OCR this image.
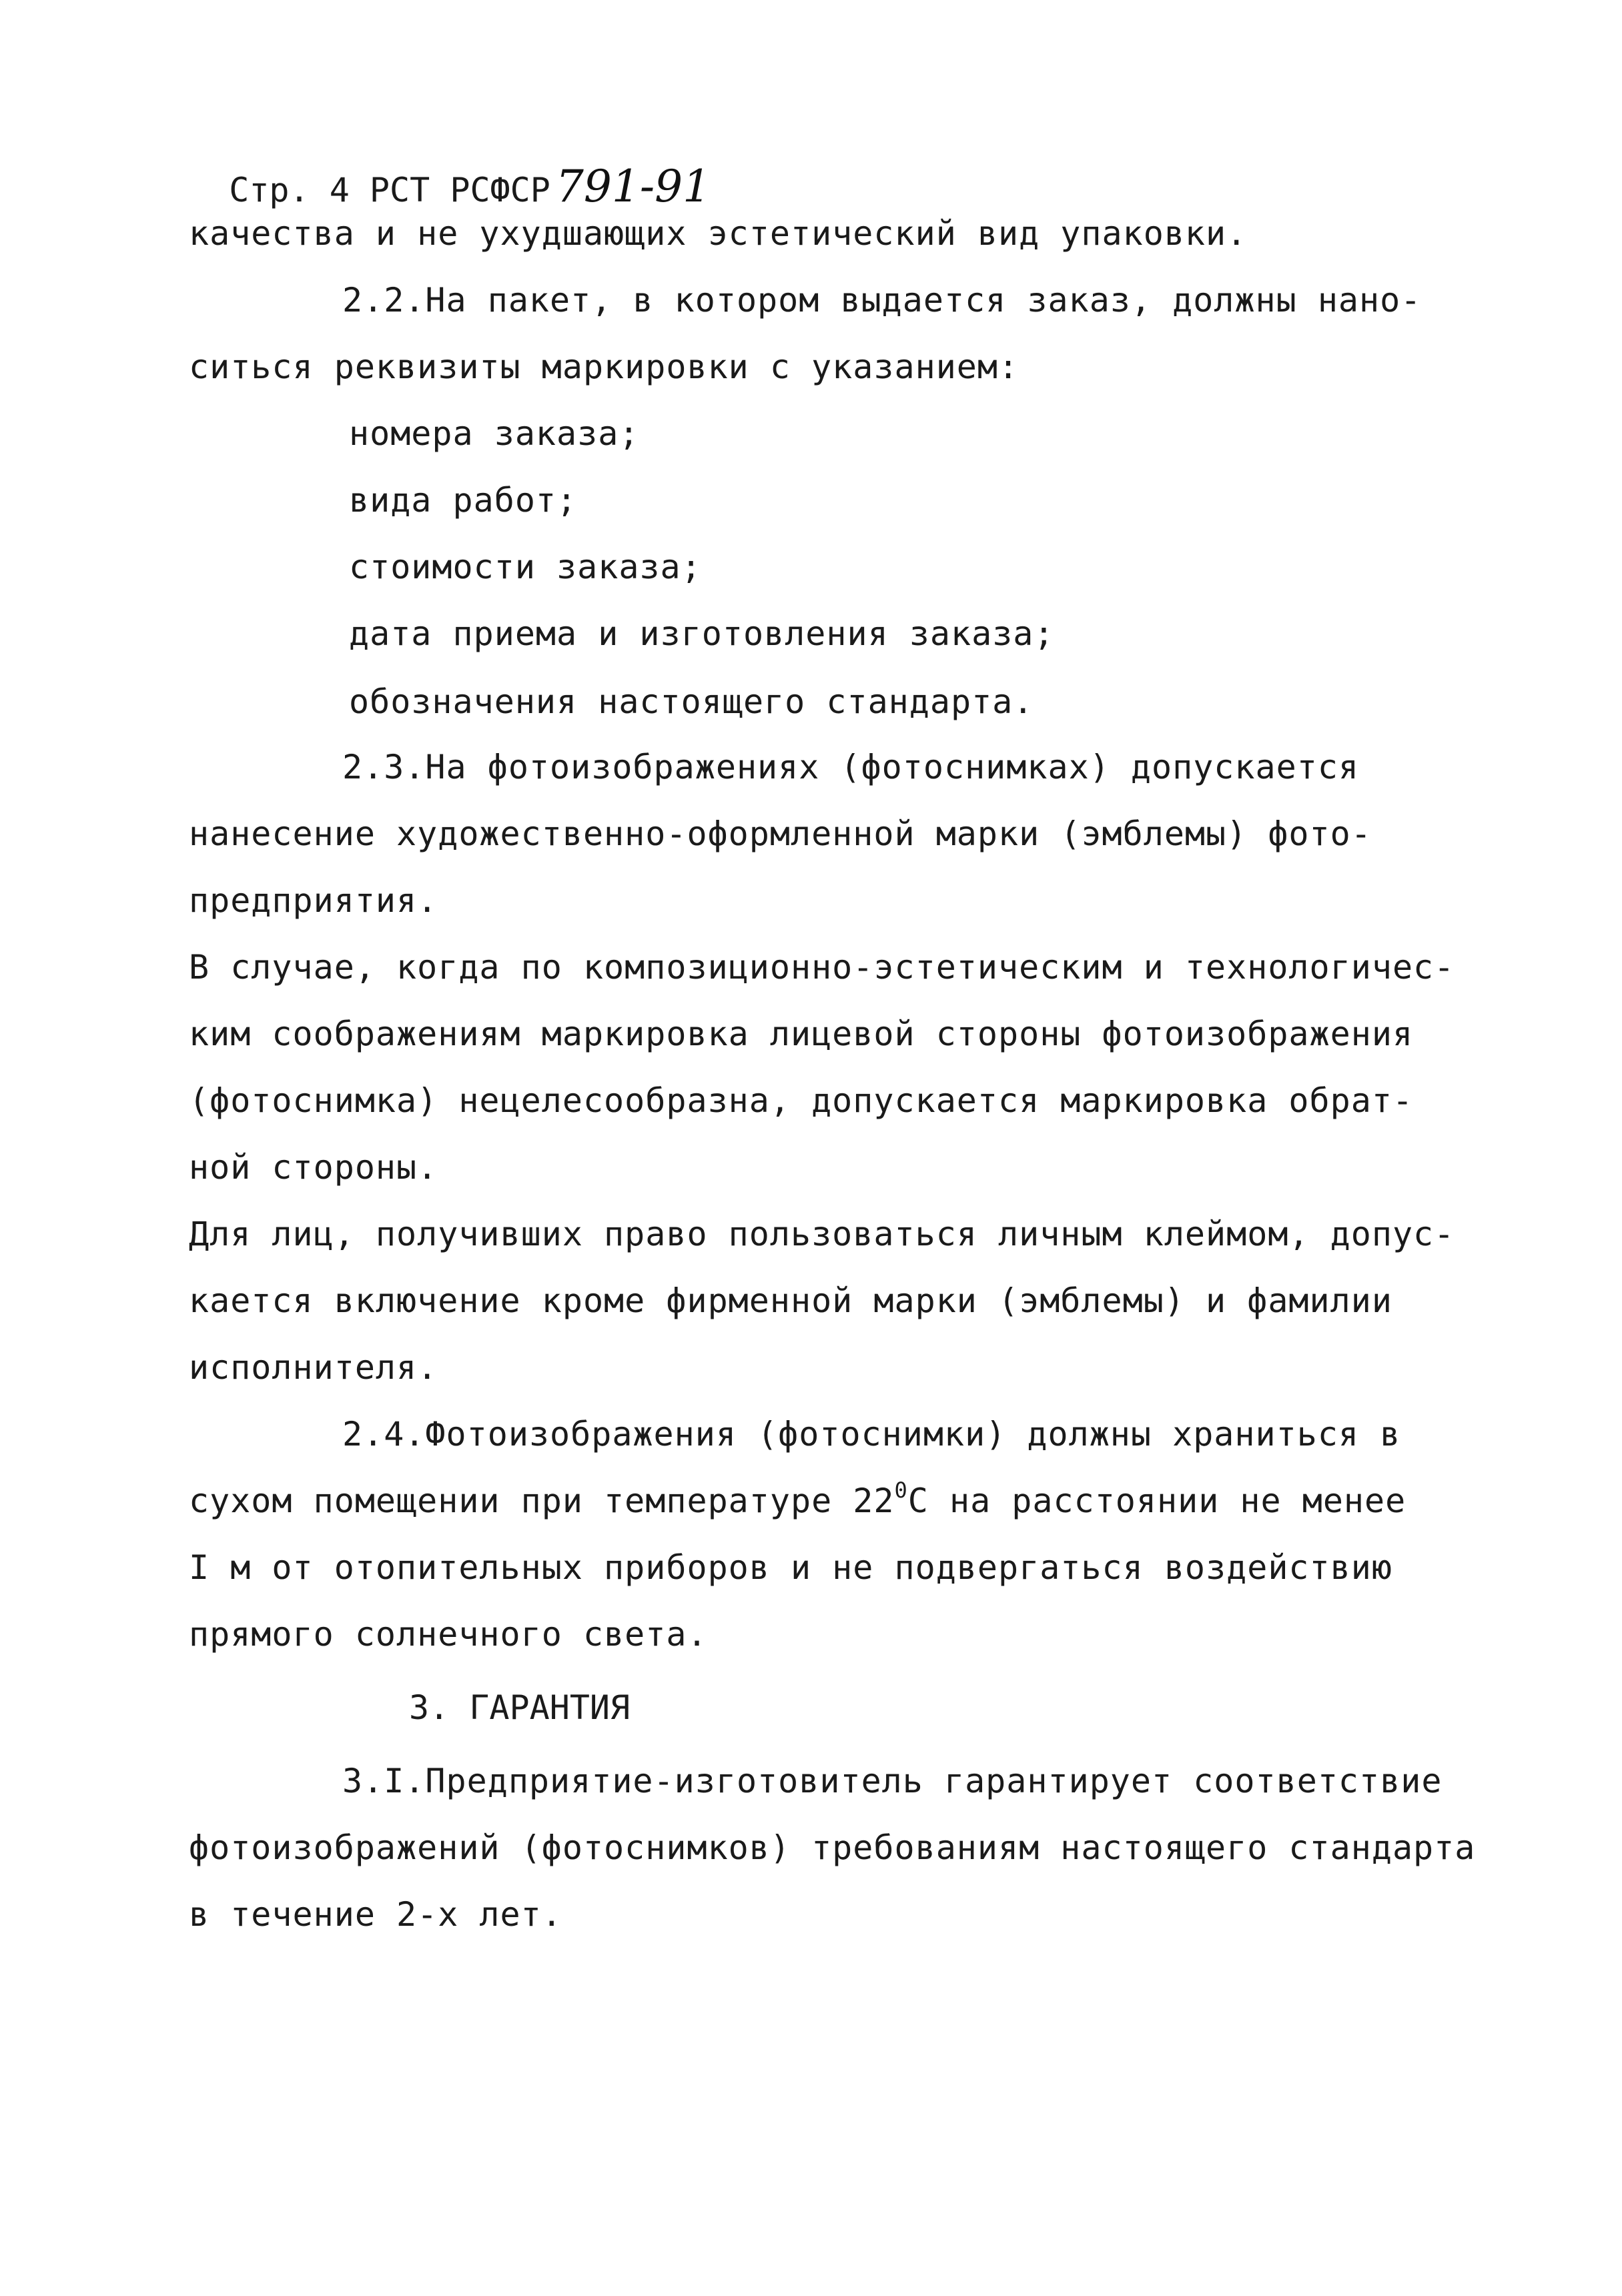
Стр. 4 РСТ РСФСР 791-91

качества и не ухудшающих эстетический вид упаковки.
2.2.На пакет, в котором выдается заказ, должны нано-
ситься реквизиты маркировки с указанием:
номера заказа;
вида работ;
стоимости заказа;
дата приема и изготовления заказа;
обозначения настоящего стандарта.
2.3.На фотоизображениях (фотоснимках) допускается
нанесение художественно-оформленной марки (эмблемы) фото-
предприятия.
В случае, когда по композиционно-эстетическим и технологичес-
ким соображениям маркировка лицевой стороны фотоизображения
(фотоснимка) нецелесообразна, допускается маркировка обрат-
ной стороны.
Для лиц, получивших право пользоваться личным клеймом, допус-
кается включение кроме фирменной марки (эмблемы) и фамилии
исполнителя.
2.4.Фотоизображения (фотоснимки) должны храниться в
сухом помещении при температуре $22^0С$ на расстоянии не менее
I м от отопительных приборов и не подвергаться воздействию
прямого солнечного света.
3. ГАРАНТИЯ
3.I.Предприятие-изготовитель гарантирует соответствие
фотоизображений (фотоснимков) требованиям настоящего стандарта
в течение 2-х лет.
